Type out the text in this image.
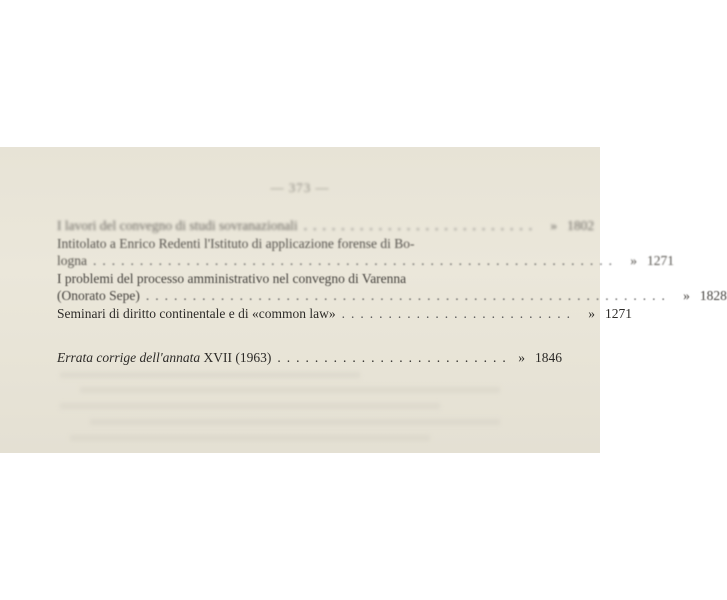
— 373 —
I lavori del convegno di studi sovranazionali ......................... » 1802
Intitolato a Enrico Redenti l'Istituto di applicazione forense di Bo-
logna ........................................................ » 1271
I problemi del processo amministrativo nel convegno di Varenna
(Onorato Sepe) ........................................................ » 1828
Seminari di diritto continentale e di «common law» ......................... » 1271
Errata corrige dell'annata XVII (1963) ......................... » 1846
